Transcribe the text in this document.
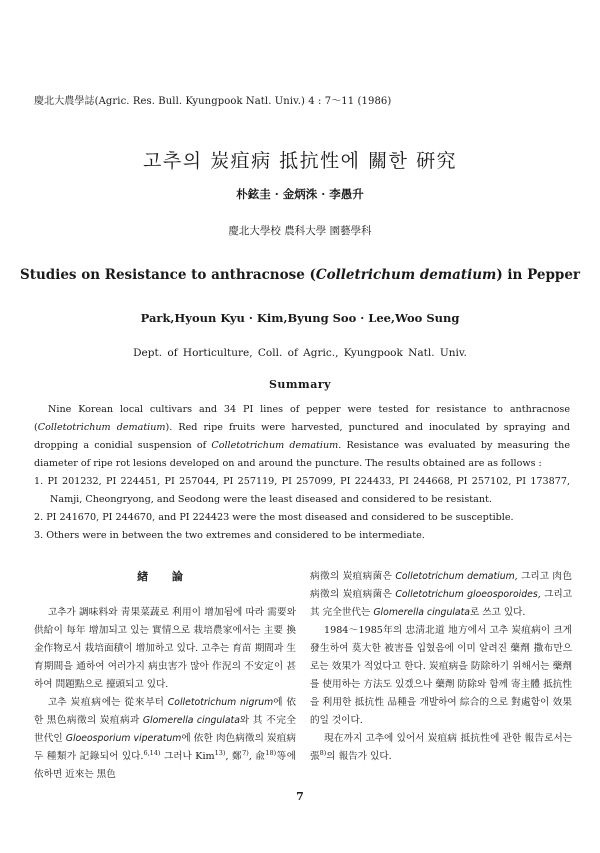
慶北大農學誌(Agric. Res. Bull. Kyungpook Natl. Univ.) 4 : 7～11 (1986)
고추의 炭疽病 抵抗性에 關한 硏究
朴鉉圭 · 金炳洙 · 李愚升
慶北大學校 農科大學 園藝學科
Studies on Resistance to anthracnose (Colletrichum dematium) in Pepper
Park,Hyoun Kyu · Kim,Byung Soo · Lee,Woo Sung
Dept. of Horticulture, Coll. of Agric., Kyungpook Natl. Univ.
Summary

Nine Korean local cultivars and 34 PI lines of pepper were tested for resistance to anthracnose (Colletotrichum dematium). Red ripe fruits were harvested, punctured and inoculated by spraying and dropping a conidial suspension of Colletotrichum dematium. Resistance was evaluated by measuring the diameter of ripe rot lesions developed on and around the puncture. The results obtained are as follows :

1. PI 201232, PI 224451, PI 257044, PI 257119, PI 257099, PI 224433, PI 244668, PI 257102, PI 173877, Namji, Cheongryong, and Seodong were the least diseased and considered to be resistant.
2. PI 241670, PI 244670, and PI 224423 were the most diseased and considered to be susceptible.
3. Others were in between the two extremes and considered to be intermediate.
緖 論

고추가 調味料와 靑果菜蔬로 利用이 增加됨에 따라 需要와 供給이 每年 增加되고 있는 實情으로 栽培農家에서는 主要 換金作物로서 栽培面積이 增加하고 있다. 고추는 育苗 期間과 生育期間을 通하여 여러가지 病虫害가 많아 作況의 不安定이 甚하여 問題點으로 擡頭되고 있다.

고추 炭疽病에는 從來부터 Colletotrichum nigrum에 依한 黑色病徵의 炭疽病과 Glomerella cingulata와 其 不完全 世代인 Gloeosporium viperatum에 依한 肉色病徵의 炭疽病 두 種類가 記錄되어 있다.$^{6,14)}$ 그러나 Kim$^{13)}$, 鄭$^{7)}$, 兪$^{18)}$等에 依하면 近來는 黑色

病徵의 炭疽病菌은 Colletotrichum dematium, 그리고 肉色病徵의 炭疽病菌은 Colletotrichum gloeosporoides, 그리고 其 完全世代는 Glomerella cingulata로 쓰고 있다.

1984～1985年의 忠淸北道 地方에서 고추 炭疽病이 크게 發生하여 莫大한 被害를 입혔음에 이미 알려진 藥劑 撒布만으로는 效果가 적었다고 한다. 炭疽病을 防除하기 위해서는 藥劑를 使用하는 方法도 있겠으나 藥劑 防除와 함께 寄主體 抵抗性을 利用한 抵抗性 品種을 개발하여 綜合的으로 對處함이 效果的일 것이다.

現在까지 고추에 있어서 炭疽病 抵抗性에 관한 報告로서는 張$^{8)}$의 報告가 있다.

7
